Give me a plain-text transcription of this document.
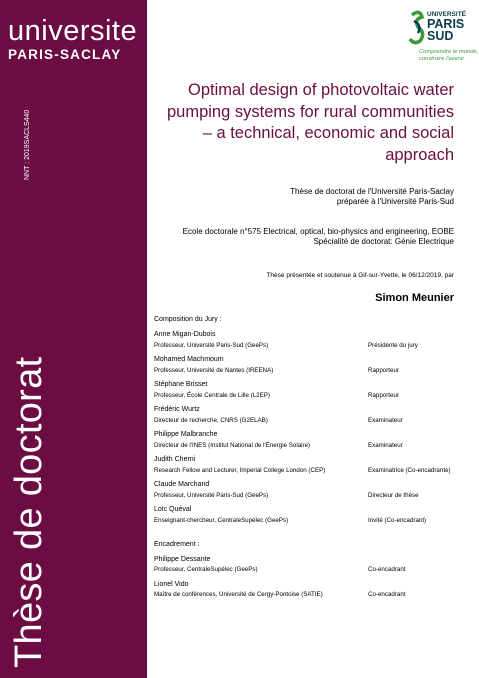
universite
PARIS-SACLAY
NNT : 2019SACLS440
Thèse de doctorat
UNIVERSITÉ
PARIS
SUD
Comprendre le monde,
construire l'avenir
Optimal design of photovoltaic water pumping systems for rural communities – a technical, economic and social approach
Thèse de doctorat de l'Université Paris-Saclay
préparée à l'Université Paris-Sud
Ecole doctorale n°575 Electrical, optical, bio-physics and engineering, EOBE
Spécialité de doctorat: Génie Electrique
Thèse présentée et soutenue à Gif-sur-Yvette, le 06/12/2019, par
Simon Meunier
Composition du Jury :
Anne Migan-Dubois
Professeur, Université Paris-Sud (GeePs)	Présidente du jury
Mohamed Machmoum
Professeur, Université de Nantes (IREENA)	Rapporteur
Stéphane Brisset
Professeur, École Centrale de Lille (L2EP)	Rapporteur
Frédéric Wurtz
Directeur de recherche, CNRS (G2ELAB)	Examinateur
Philippe Malbranche
Directeur de l'INES (Institut National de l'Énergie Solaire)	Examinateur
Judith Cherni
Research Fellow and Lecturer, Imperial College London (CEP)	Examinatrice (Co-encadrante)
Claude Marchand
Professeur, Université Paris-Sud (GeePs)	Directeur de thèse
Loïc Quéval
Enseignant-chercheur, CentraleSupélec (GeePs)	Invité (Co-encadrant)
Encadrement :
Philippe Dessante
Professeur, CentraleSupélec (GeePs)	Co-encadrant
Lionel Vido
Maître de conférences, Université de Cergy-Pontoise (SATIE)	Co-encadrant
